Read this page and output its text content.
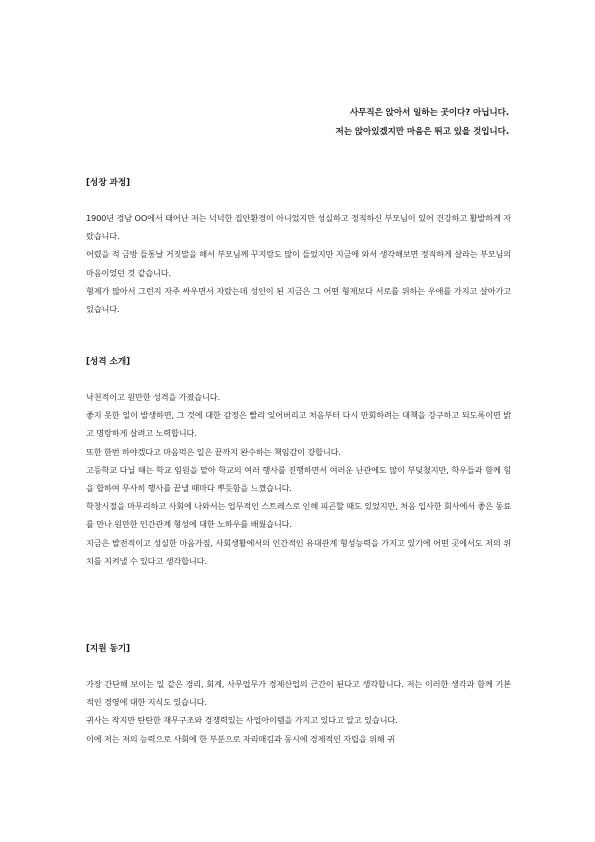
사무직은 앉아서 일하는 곳이다? 아닙니다.
저는 앉아있겠지만 마음은 뛰고 있을 것입니다.
[성장 과정]

1900년 경남 OO에서 태어난 저는 넉넉한 집안환경이 아니었지만 성실하고 정직하신 부모님이 있어 건강하고 활발하게 자랐습니다.

어렸을 적 금방 들통날 거짓말을 해서 부모님께 꾸지람도 많이 들었지만 지금에 와서 생각해보면 정직하게 살라는 부모님의 마음이었던 것 같습니다.

형제가 많아서 그런지 자주 싸우면서 자랐는데 성인이 된 지금은 그 어떤 형제보다 서로를 위하는 우애를 가지고 살아가고 있습니다.

[성격 소개]

낙천적이고 원만한 성격을 가졌습니다.

좋지 못한 일이 발생하면, 그 것에 대한 감정은 빨리 잊어버리고 처음부터 다시 만회하려는 대책을 강구하고 되도록이면 밝고 명랑하게 살려고 노력합니다.

또한 한번 하야겠다고 마음먹은 일은 끝까지 완수하는 책임감이 강합니다.

고등학교 다닐 때는 학교 임원을 맡아 학교의 여러 행사를 진행하면서 여러운 난관에도 많이 부딪쳤지만, 학우들과 함께 힘을 합하여 무사히 행사를 끝낼 때마다 뿌듯함을 느꼈습니다.

학창시절을 마무리하고 사회에 나와서는 업무적인 스트레스로 인해 피곤할 때도 있었지만, 처음 입사한 회사에서 좋은 동료를 만나 원만한 인간관계 형성에 대한 노하우를 배웠습니다.

지금은 발전적이고 성실한 마음가짐, 사회생활에서의 인간적인 유대관계 형성능력을 가지고 있기에 어떤 곳에서도 저의 위치를 지켜낼 수 있다고 생각합니다.

[지원 동기]

가장 간단해 보이는 일 같은 경리, 회계, 사무업무가 경제산업의 근간이 된다고 생각합니다. 저는 이러한 생각과 함께 기본적인 경영에 대한 지식도 있습니다.

귀사는 작지만 탄탄한 재무구조와 경쟁력있는 사업아이템을 가지고 있다고 알고 있습니다.

이에 저는 저의 능력으로 사회에 한 부분으로 자리매김과 동시에 경제적인 자립을 위해 귀
